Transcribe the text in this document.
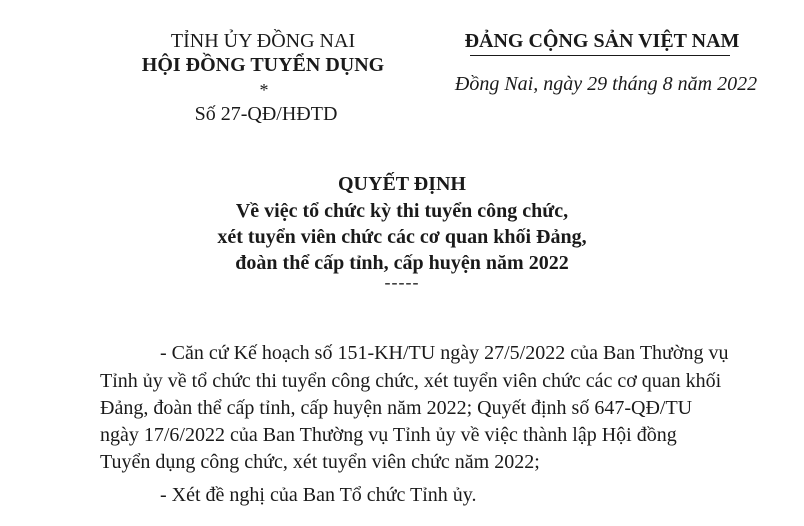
TỈNH ỦY ĐỒNG NAI
HỘI ĐỒNG TUYỂN DỤNG
*
Số 27-QĐ/HĐTD
ĐẢNG CỘNG SẢN VIỆT NAM
Đồng Nai, ngày 29 tháng 8 năm 2022
QUYẾT ĐỊNH
Về việc tổ chức kỳ thi tuyển công chức,
xét tuyển viên chức các cơ quan khối Đảng,
đoàn thể cấp tỉnh, cấp huyện năm 2022
-----
- Căn cứ Kế hoạch số 151-KH/TU ngày 27/5/2022 của Ban Thường vụ
Tỉnh ủy về tổ chức thi tuyển công chức, xét tuyển viên chức các cơ quan khối
Đảng, đoàn thể cấp tỉnh, cấp huyện năm 2022; Quyết định số 647-QĐ/TU
ngày 17/6/2022 của Ban Thường vụ Tỉnh ủy về việc thành lập Hội đồng
Tuyển dụng công chức, xét tuyển viên chức năm 2022;
- Xét đề nghị của Ban Tổ chức Tỉnh ủy.
